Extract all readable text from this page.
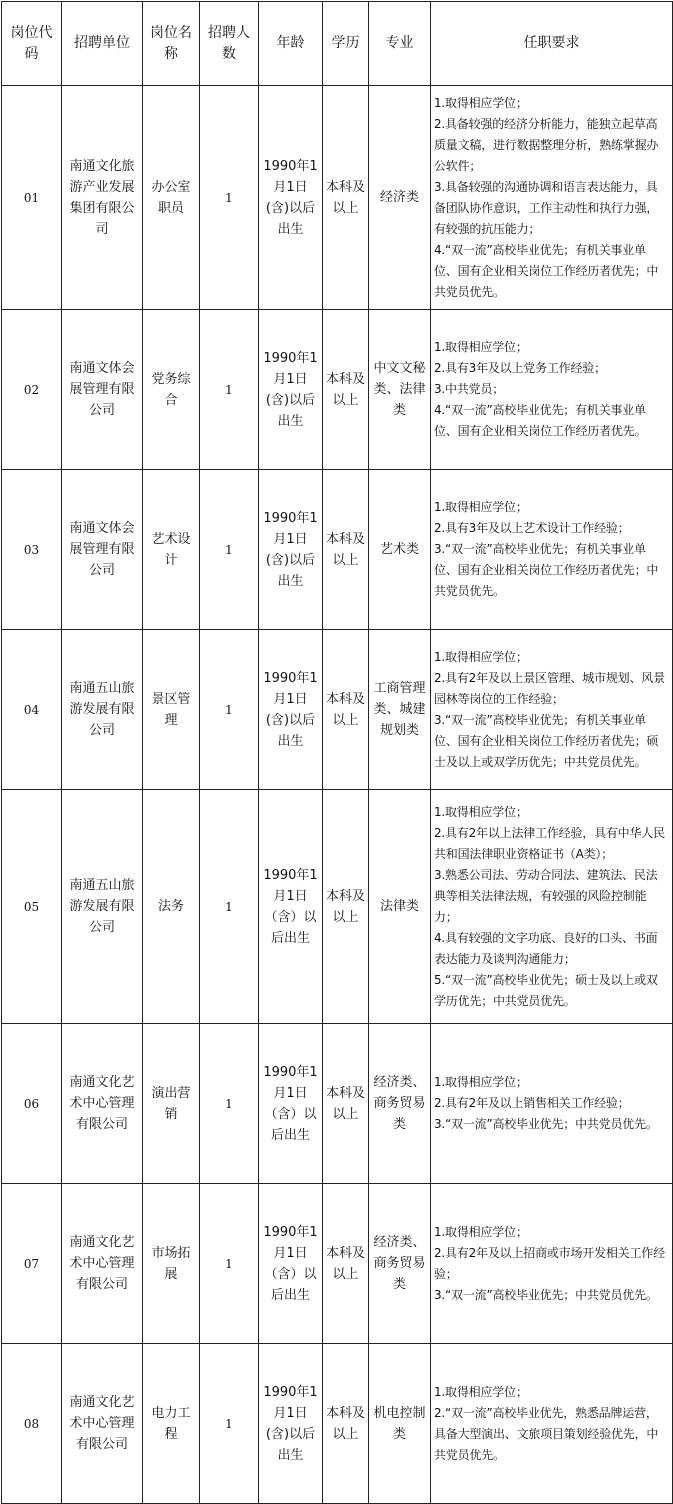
岗位代码	招聘单位	岗位名称	招聘人数	年龄	学历	专业	任职要求
01	南通文化旅游产业发展集团有限公司	办公室职员	1	1990年1月1日(含)以后出生	本科及以上	经济类	1.取得相应学位；
2.具备较强的经济分析能力，能独立起草高质量文稿，进行数据整理分析，熟练掌握办公软件；
3.具备较强的沟通协调和语言表达能力，具备团队协作意识，工作主动性和执行力强，有较强的抗压能力；
4.“双一流”高校毕业优先；有机关事业单位、国有企业相关岗位工作经历者优先；中共党员优先。
02	南通文体会展管理有限公司	党务综合	1	1990年1月1日(含)以后出生	本科及以上	中文文秘类、法律类	1.取得相应学位；
2.具有3年及以上党务工作经验；
3.中共党员；
4.“双一流”高校毕业优先；有机关事业单位、国有企业相关岗位工作经历者优先。
03	南通文体会展管理有限公司	艺术设计	1	1990年1月1日(含)以后出生	本科及以上	艺术类	1.取得相应学位；
2.具有3年及以上艺术设计工作经验；
3.“双一流”高校毕业优先；有机关事业单位、国有企业相关岗位工作经历者优先；中共党员优先。
04	南通五山旅游发展有限公司	景区管理	1	1990年1月1日(含)以后出生	本科及以上	工商管理类、城建规划类	1.取得相应学位；
2.具有2年及以上景区管理、城市规划、风景园林等岗位的工作经验；
3.“双一流”高校毕业优先；有机关事业单位、国有企业相关岗位工作经历者优先；硕士及以上或双学历优先；中共党员优先。
05	南通五山旅游发展有限公司	法务	1	1990年1月1日（含）以后出生	本科及以上	法律类	1.取得相应学位；
2.具有2年以上法律工作经验，具有中华人民共和国法律职业资格证书（A类）；
3.熟悉公司法、劳动合同法、建筑法、民法典等相关法律法规，有较强的风险控制能力；
4.具有较强的文字功底、良好的口头、书面表达能力及谈判沟通能力；
5.“双一流”高校毕业优先；硕士及以上或双学历优先；中共党员优先。
06	南通文化艺术中心管理有限公司	演出营销	1	1990年1月1日（含）以后出生	本科及以上	经济类、商务贸易类	1.取得相应学位；
2.具有2年及以上销售相关工作经验；
3.“双一流”高校毕业优先；中共党员优先。
07	南通文化艺术中心管理有限公司	市场拓展	1	1990年1月1日（含）以后出生	本科及以上	经济类、商务贸易类	1.取得相应学位；
2.具有2年及以上招商或市场开发相关工作经验；
3.“双一流”高校毕业优先；中共党员优先。
08	南通文化艺术中心管理有限公司	电力工程	1	1990年1月1日(含)以后出生	本科及以上	机电控制类	1.取得相应学位；
2.“双一流”高校毕业优先，熟悉品牌运营，具备大型演出、文旅项目策划经验优先，中共党员优先。
